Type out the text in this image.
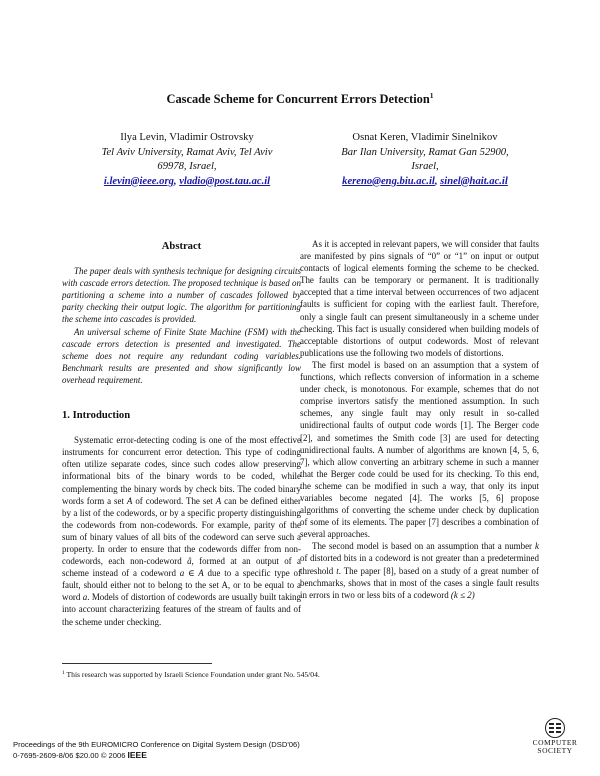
Cascade Scheme for Concurrent Errors Detection$^1$
Ilya Levin, Vladimir Ostrovsky
Tel Aviv University, Ramat Aviv, Tel Aviv
69978, Israel,
i.levin@ieee.org, vladio@post.tau.ac.il
Osnat Keren, Vladimir Sinelnikov
Bar Ilan University, Ramat Gan 52900,
Israel,
kereno@eng.biu.ac.il, sinel@hait.ac.il
Abstract

The paper deals with synthesis technique for designing circuits with cascade errors detection. The proposed technique is based on partitioning a scheme into a number of cascades followed by parity checking their output logic. The algorithm for partitioning the scheme into cascades is provided.

An universal scheme of Finite State Machine (FSM) with the cascade errors detection is presented and investigated. The scheme does not require any redundant coding variables. Benchmark results are presented and show significantly low overhead requirement.

1. Introduction

Systematic error-detecting coding is one of the most effective instruments for concurrent error detection. This type of coding often utilize separate codes, since such codes allow preserving informational bits of the binary words to be coded, while complementing the binary words by check bits. The coded binary words form a set A of codeword. The set A can be defined either by a list of the codewords, or by a specific property distinguishing the codewords from non-codewords. For example, parity of the sum of binary values of all bits of the codeword can serve such a property. In order to ensure that the codewords differ from non-codewords, each non-codeword â, formed at an output of a scheme instead of a codeword a ∈ A due to a specific type of fault, should either not to belong to the set A, or to be equal to a word a. Models of distortion of codewords are usually built taking into account characterizing features of the stream of faults and of the scheme under checking.

As it is accepted in relevant papers, we will consider that faults are manifested by pins signals of “0” or “1” on input or output contacts of logical elements forming the scheme to be checked. The faults can be temporary or permanent. It is traditionally accepted that a time interval between occurrences of two adjacent faults is sufficient for coping with the earliest fault. Therefore, only a single fault can present simultaneously in a scheme under checking. This fact is usually considered when building models of acceptable distortions of output codewords. Most of relevant publications use the following two models of distortions.

The first model is based on an assumption that a system of functions, which reflects conversion of information in a scheme under check, is monotonous. For example, schemes that do not comprise invertors satisfy the mentioned assumption. In such schemes, any single fault may only result in so-called unidirectional faults of output code words [1]. The Berger code [2], and sometimes the Smith code [3] are used for detecting unidirectional faults. A number of algorithms are known [4, 5, 6, 7], which allow converting an arbitrary scheme in such a manner that the Berger code could be used for its checking. To this end, the scheme can be modified in such a way, that only its input variables become negated [4]. The works [5, 6] propose algorithms of converting the scheme under check by duplication of some of its elements. The paper [7] describes a combination of several approaches.

The second model is based on an assumption that a number k of distorted bits in a codeword is not greater than a predetermined threshold t. The paper [8], based on a study of a great number of benchmarks, shows that in most of the cases a single fault results in errors in two or less bits of a codeword (k ≤ 2)

$^1$ This research was supported by Israeli Science Foundation under grant No. 545/04.
Proceedings of the 9th EUROMICRO Conference on Digital System Design (DSD'06)
0-7695-2609-8/06 $20.00 © 2006 IEEE
COMPUTER
SOCIETY
